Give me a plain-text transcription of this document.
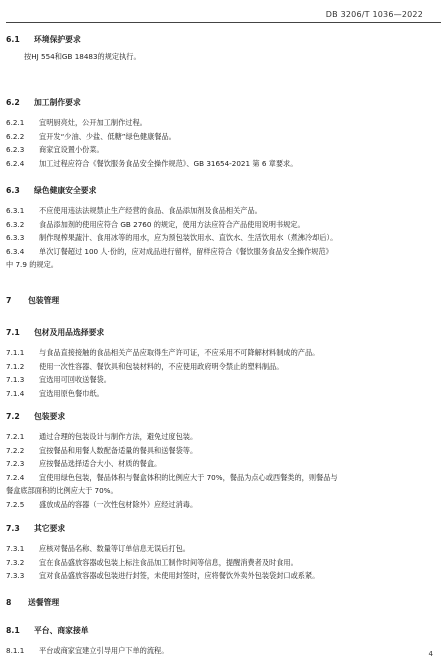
DB 3206/T 1036—2022
6.1 环境保护要求
按HJ 554和GB 18483的规定执行。
6.2 加工制作要求
6.2.1 宜明厨亮灶，公开加工制作过程。
6.2.2 宜开发“少油、少盐、低糖”绿色健康餐品。
6.2.3 商家宜设置小份菜。
6.2.4 加工过程应符合《餐饮服务食品安全操作规范》、GB 31654-2021 第 6 章要求。
6.3 绿色健康安全要求
6.3.1 不应使用违法法规禁止生产经营的食品、食品添加剂及食品相关产品。
6.3.2 食品添加剂的使用应符合 GB 2760 的规定，使用方法应符合产品使用说明书规定。
6.3.3 制作现榨果蔬汁、食用冰等的用水，应为预包装饮用水、直饮水、生活饮用水（煮沸冷却后）。
6.3.4 单次订餐超过 100 人·份的，应对成品进行留样，留样应符合《餐饮服务食品安全操作规范》
中 7.9 的规定。
7 包装管理
7.1 包材及用品选择要求
7.1.1 与食品直接接触的食品相关产品应取得生产许可证，不应采用不可降解材料制成的产品。
7.1.2 使用一次性容器、餐饮具和包装材料的，不应使用政府明令禁止的塑料制品。
7.1.3 宜选用可回收送餐袋。
7.1.4 宜选用原色餐巾纸。
7.2 包装要求
7.2.1 通过合理的包装设计与制作方法，避免过度包装。
7.2.2 宜按餐品和用餐人数配备适量的餐具和送餐袋等。
7.2.3 应按餐品选择适合大小、材质的餐盒。
7.2.4 宜使用绿色包装，餐品体积与餐盒体积的比例应大于 70%，餐品为点心或西餐类的，则餐品与
餐盒底部面积的比例应大于 70%。
7.2.5 盛放成品的容器（一次性包材除外）应经过消毒。
7.3 其它要求
7.3.1 应核对餐品名称、数量等订单信息无误后打包。
7.3.2 宜在食品盛放容器或包装上标注食品加工制作时间等信息，提醒消费者及时食用。
7.3.3 宜对食品盛放容器或包装进行封签，未使用封签时，应将餐饮外卖外包装袋封口或系紧。
8 送餐管理
8.1 平台、商家接单
8.1.1 平台或商家宜建立引导用户下单的流程。	4
